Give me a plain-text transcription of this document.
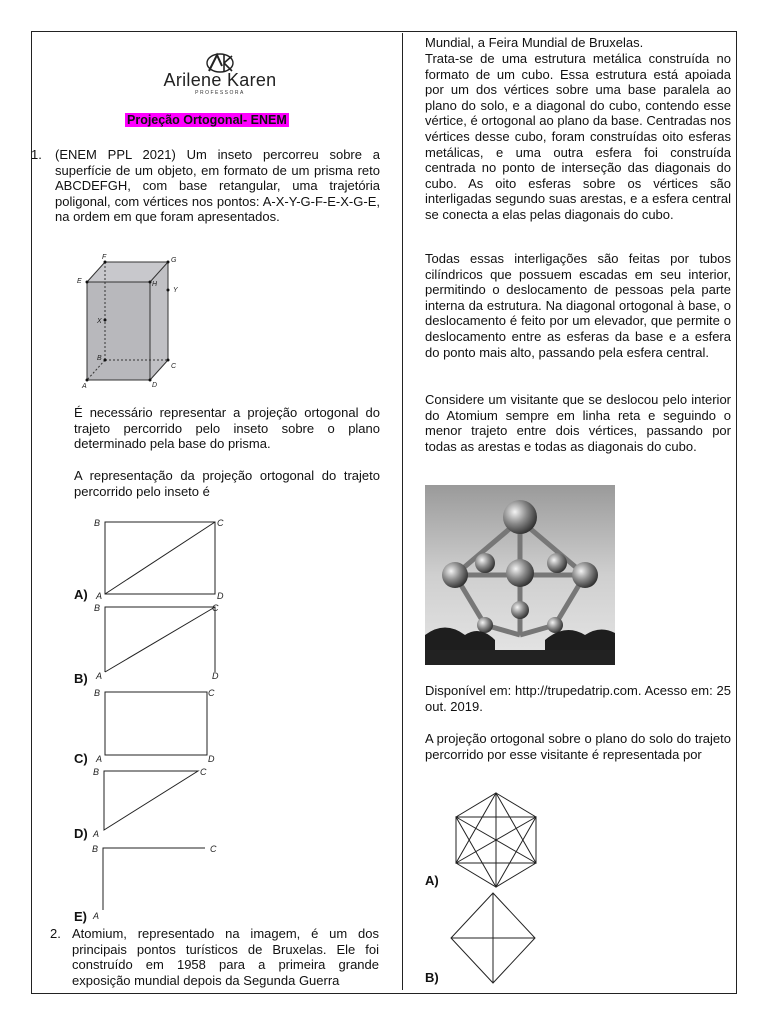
Arilene Karen
PROFESSORA
Projeção Ortogonal- ENEM
1. (ENEM PPL 2021) Um inseto percorreu sobre a superfície de um objeto, em formato de um prisma reto ABCDEFGH, com base retangular, uma trajetória poligonal, com vértices nos pontos: A-X-Y-G-F-E-X-G-E, na ordem em que foram apresentados.
F	G
E	H
Y
X
B
C
A	D
É necessário representar a projeção ortogonal do trajeto percorrido pelo inseto sobre o plano determinado pela base do prisma.
A representação da projeção ortogonal do trajeto percorrido pelo inseto é
A)
B	C
A	D
B)
B	C
A	D
C)
B	C
A	D
D)
B	C
A
E)
B	C
A
2. Atomium, representado na imagem, é um dos principais pontos turísticos de Bruxelas. Ele foi construído em 1958 para a primeira grande exposição mundial depois da Segunda Guerra
Mundial, a Feira Mundial de Bruxelas.
Trata-se de uma estrutura metálica construída no formato de um cubo. Essa estrutura está apoiada por um dos vértices sobre uma base paralela ao plano do solo, e a diagonal do cubo, contendo esse vértice, é ortogonal ao plano da base. Centradas nos vértices desse cubo, foram construídas oito esferas metálicas, e uma outra esfera foi construída centrada no ponto de interseção das diagonais do cubo. As oito esferas sobre os vértices são interligadas segundo suas arestas, e a esfera central se conecta a elas pelas diagonais do cubo.
Todas essas interligações são feitas por tubos cilíndricos que possuem escadas em seu interior, permitindo o deslocamento de pessoas pela parte interna da estrutura. Na diagonal ortogonal à base, o deslocamento é feito por um elevador, que permite o deslocamento entre as esferas da base e a esfera do ponto mais alto, passando pela esfera central.
Considere um visitante que se deslocou pelo interior do Atomium sempre em linha reta e seguindo o menor trajeto entre dois vértices, passando por todas as arestas e todas as diagonais do cubo.
Disponível em: http://trupedatrip.com. Acesso em: 25 out. 2019.
A projeção ortogonal sobre o plano do solo do trajeto percorrido por esse visitante é representada por
A)
B)
